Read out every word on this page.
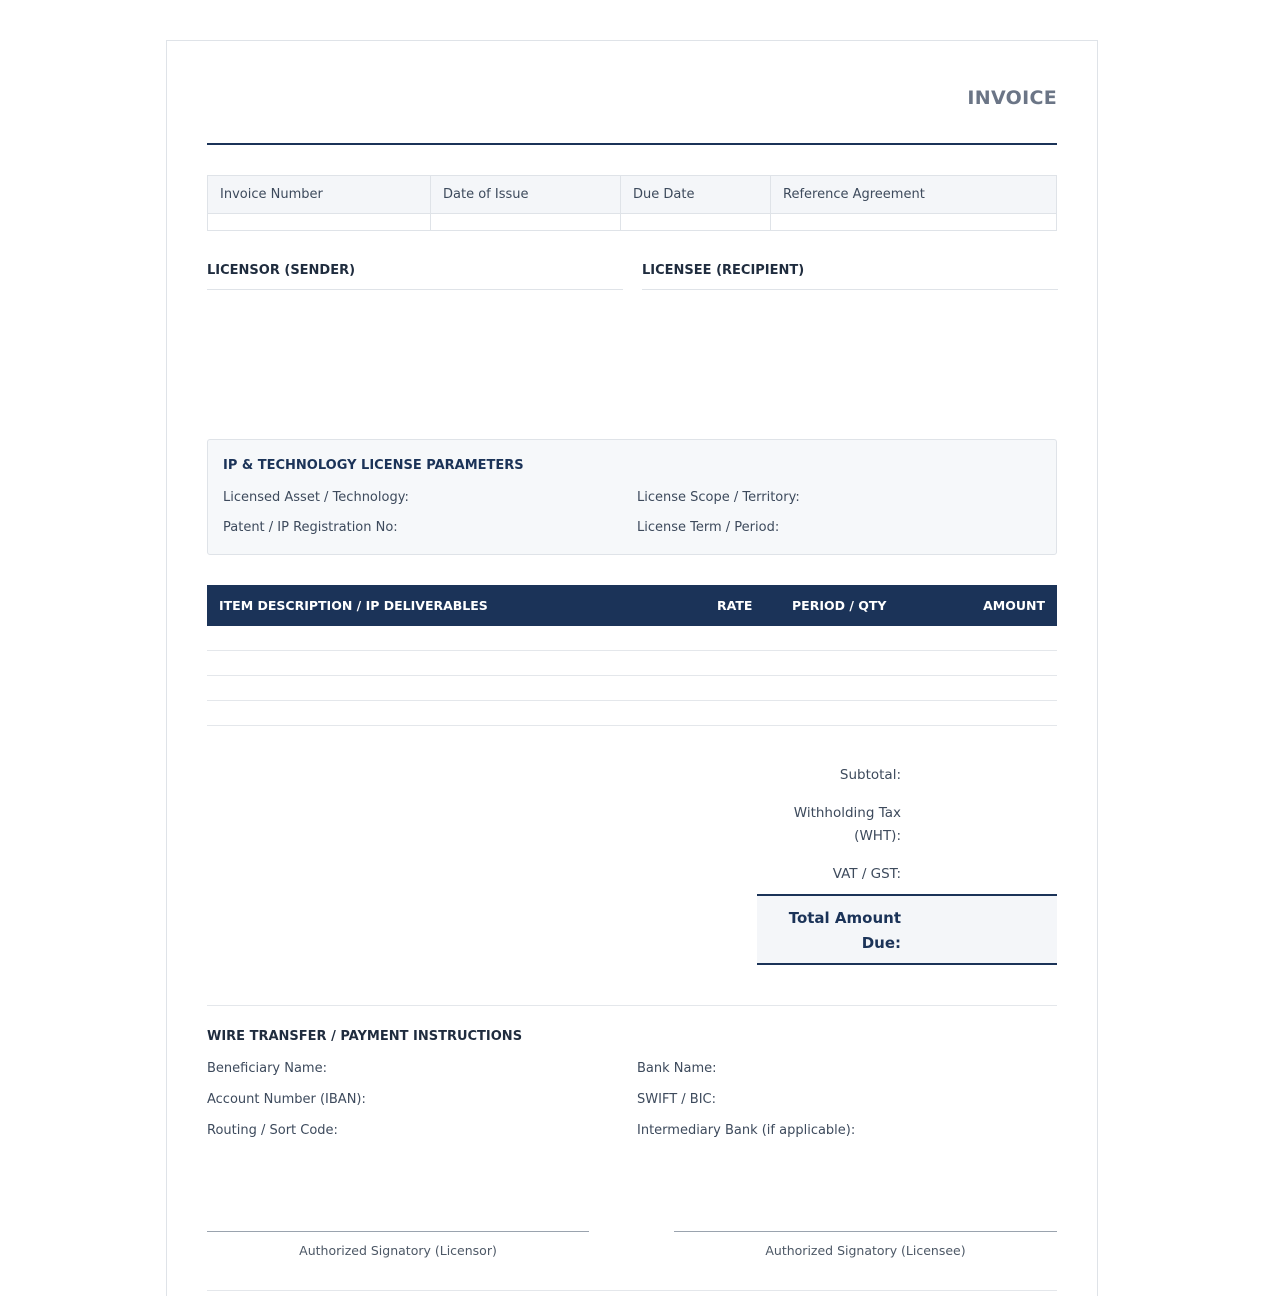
INVOICE
Invoice Number	Date of Issue	Due Date	Reference Agreement
LICENSOR (SENDER)	LICENSEE (RECIPIENT)
IP & TECHNOLOGY LICENSE PARAMETERS
Licensed Asset / Technology:	License Scope / Territory:
Patent / IP Registration No:	License Term / Period:
ITEM DESCRIPTION / IP DELIVERABLES	RATE	PERIOD / QTY	AMOUNT
Subtotal:
Withholding Tax
(WHT):
VAT / GST:
Total Amount
Due:
WIRE TRANSFER / PAYMENT INSTRUCTIONS
Beneficiary Name:	Bank Name:
Account Number (IBAN):	SWIFT / BIC:
Routing / Sort Code:	Intermediary Bank (if applicable):
Authorized Signatory (Licensor)	Authorized Signatory (Licensee)
